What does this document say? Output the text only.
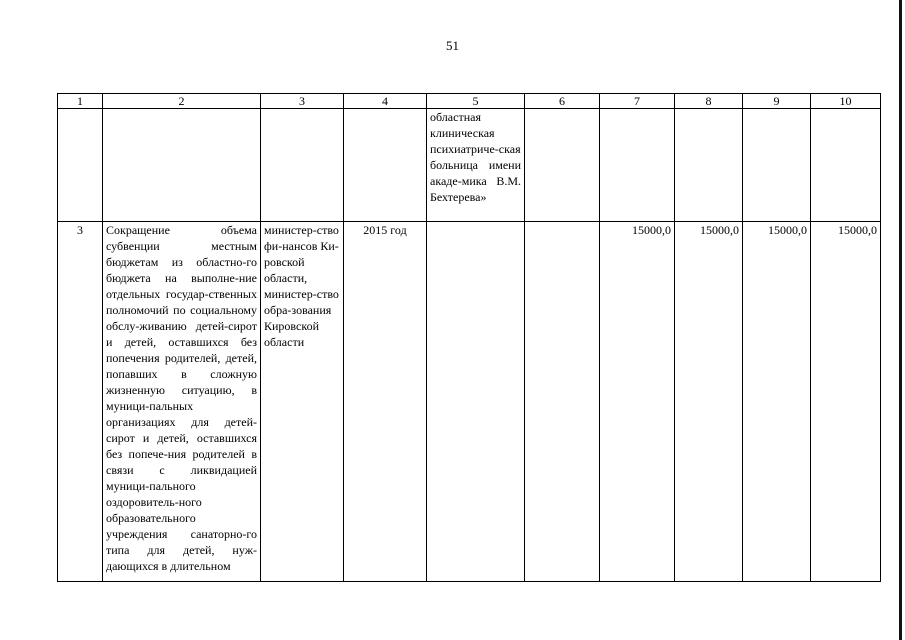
51
1	2	3	4	5	6	7	8	9	10
				областная клиническая психиатриче-ская больница имени акаде-мика В.М. Бехтерева»					
3	Сокращение объема субвенции местным бюджетам из областно-го бюджета на выполне-ние отдельных государ-ственных полномочий по социальному обслу-живанию детей-сирот и детей, оставшихся без попечения родителей, детей, попавших в сложную жизненную ситуацию, в муници-пальных организациях для детей-сирот и детей, оставшихся без попече-ния родителей в связи с ликвидацией муници-пального оздоровитель-ного образовательного учреждения санаторно-го типа для детей, нуж-дающихся в длительном	министер-ство фи-нансов Ки-ровской области, министер-ство обра-зования Кировской области	2015 год			15000,0	15000,0	15000,0	15000,0
